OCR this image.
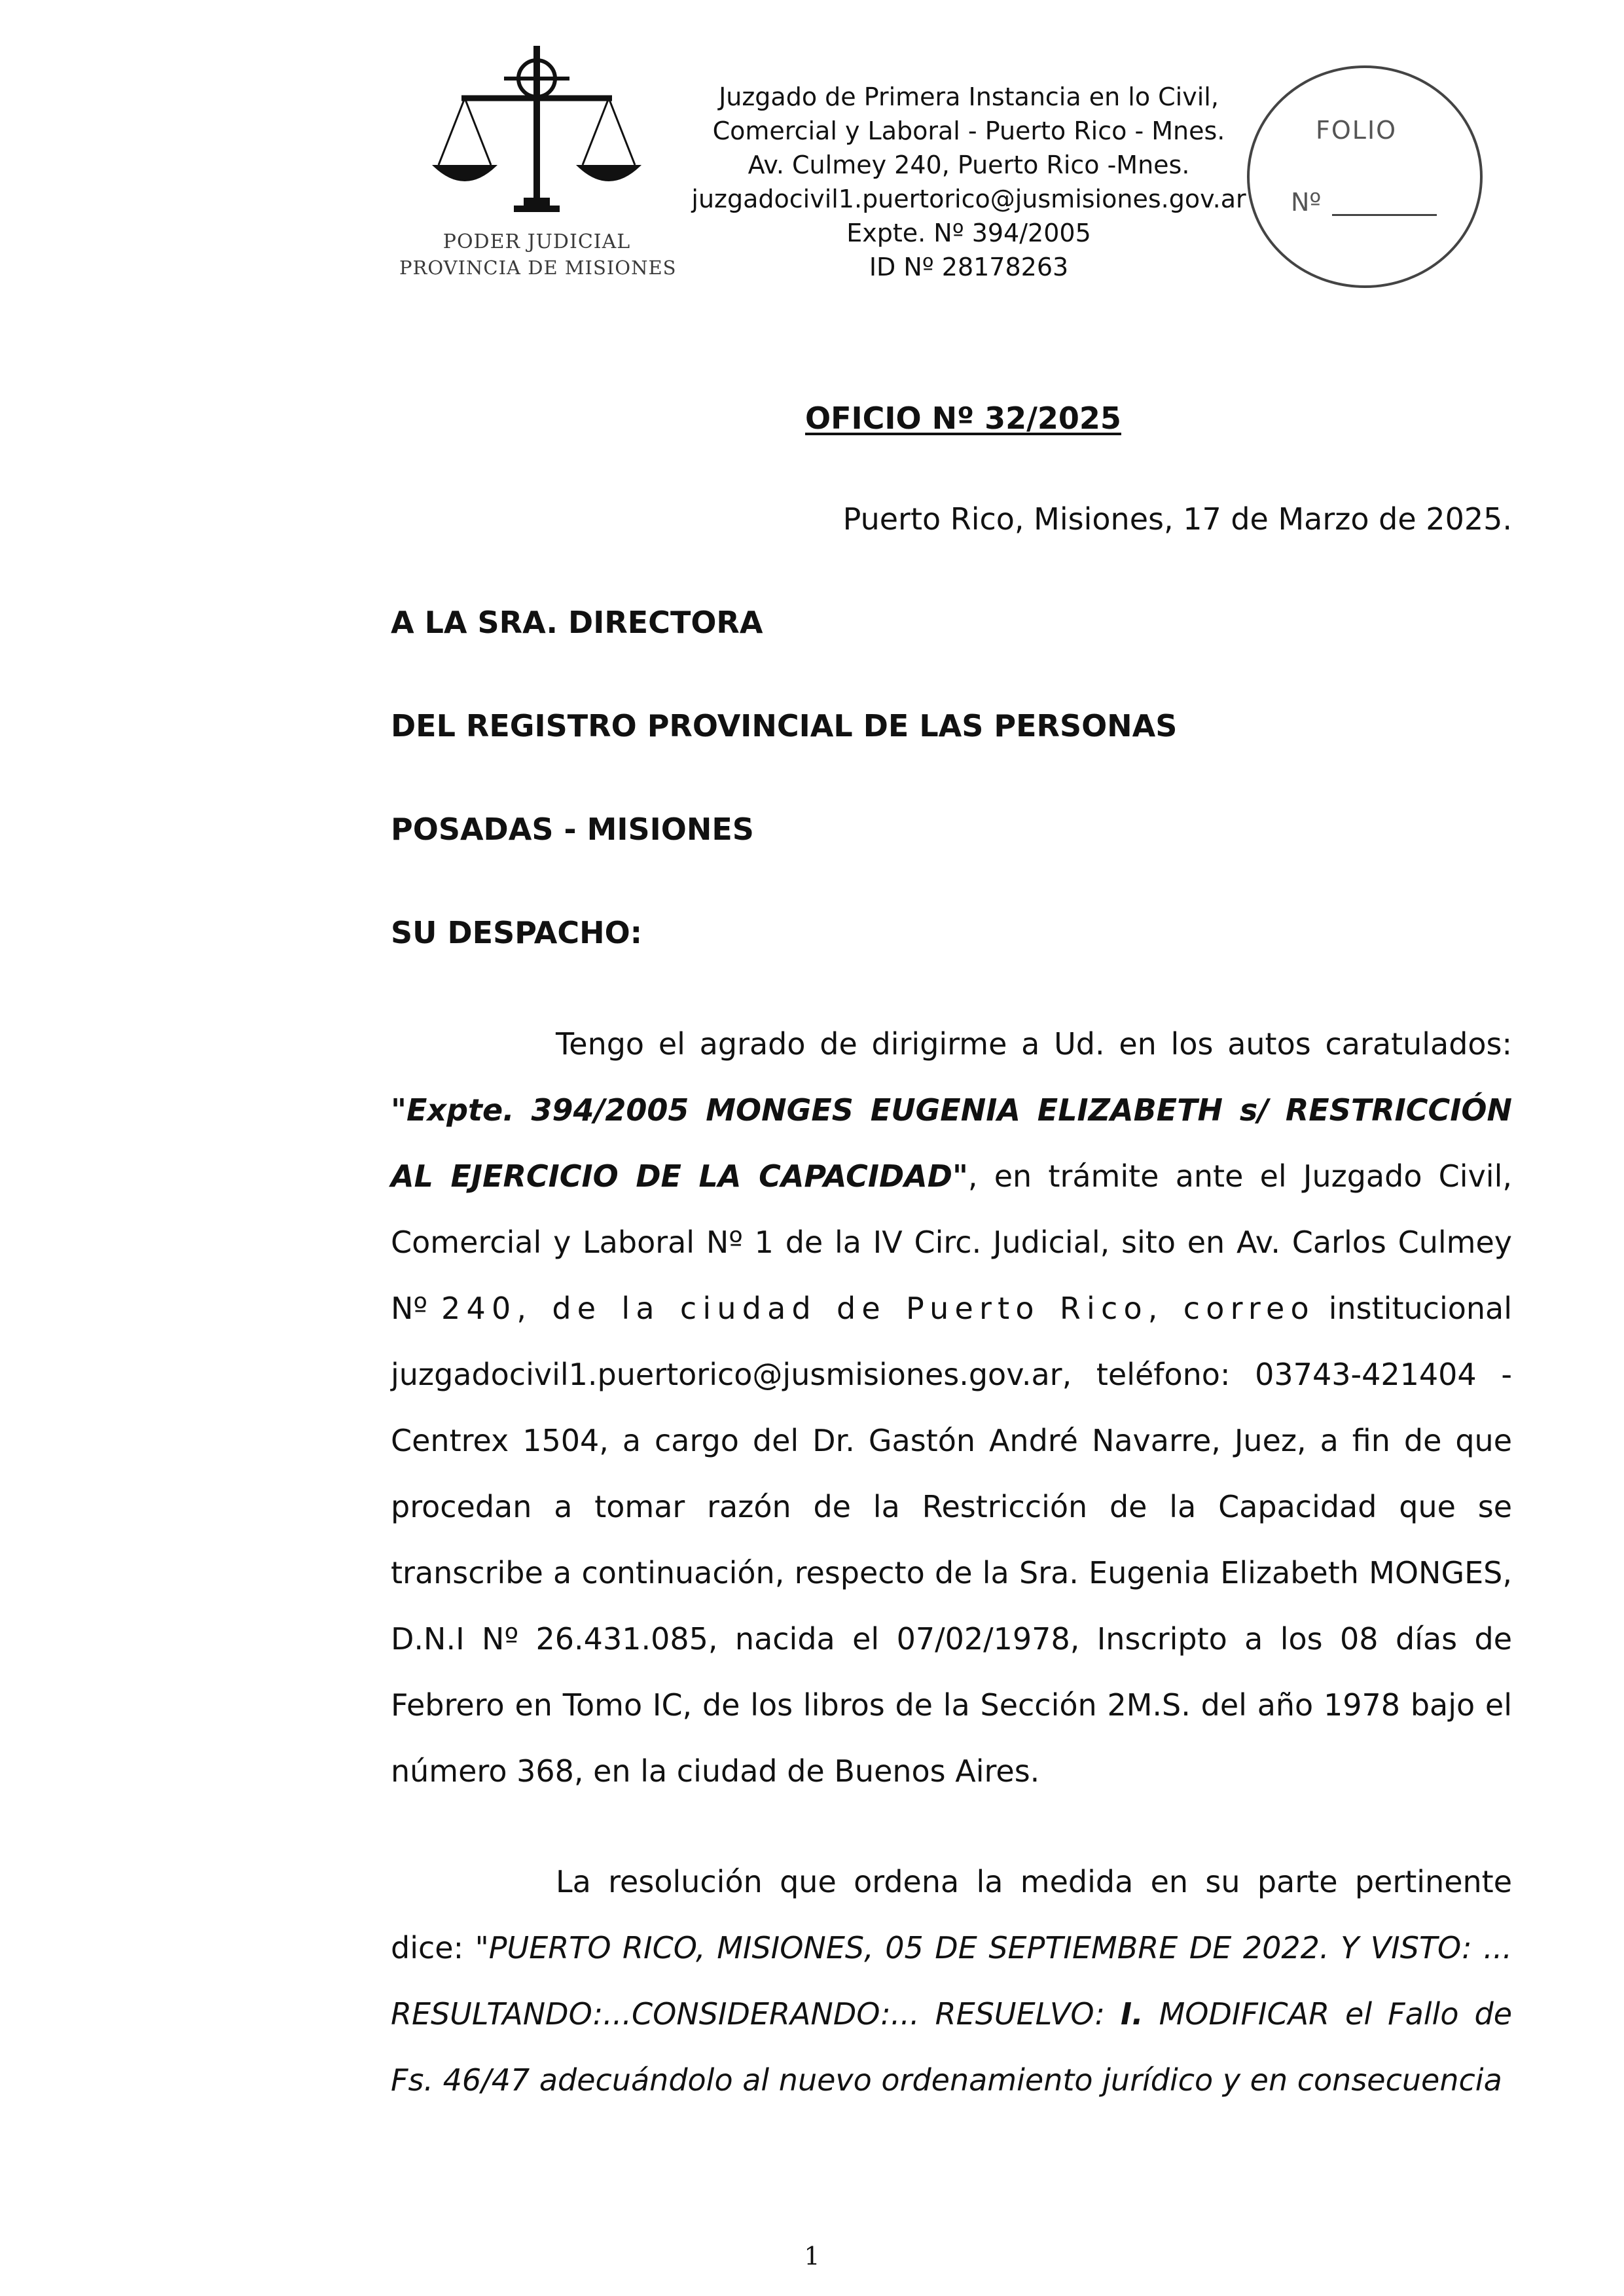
PODER JUDICIAL
PROVINCIA DE MISIONES
Juzgado de Primera Instancia en lo Civil,
Comercial y Laboral - Puerto Rico - Mnes.
Av. Culmey 240, Puerto Rico -Mnes.
juzgadocivil1.puertorico@jusmisiones.gov.ar
Expte. Nº 394/2005
ID Nº 28178263
FOLIO
Nº
OFICIO Nº 32/2025
Puerto Rico, Misiones, 17 de Marzo de 2025.
A LA SRA. DIRECTORA
DEL REGISTRO PROVINCIAL DE LAS PERSONAS
POSADAS - MISIONES
SU DESPACHO:
Tengo el agrado de dirigirme a Ud. en los autos caratulados: "Expte. 394/2005 MONGES EUGENIA ELIZABETH s/ RESTRICCIÓN AL EJERCICIO DE LA CAPACIDAD", en trámite ante el Juzgado Civil, Comercial y Laboral Nº 1 de la IV Circ. Judicial, sito en Av. Carlos Culmey Nº 240, de la ciudad de Puerto Rico, correo institucional juzgadocivil1.puertorico@jusmisiones.gov.ar, teléfono: 03743-421404 - Centrex 1504, a cargo del Dr. Gastón André Navarre, Juez, a fin de que procedan a tomar razón de la Restricción de la Capacidad que se transcribe a continuación, respecto de la Sra. Eugenia Elizabeth MONGES, D.N.I Nº 26.431.085, nacida el 07/02/1978, Inscripto a los 08 días de Febrero en Tomo IC, de los libros de la Sección 2M.S. del año 1978 bajo el número 368, en la ciudad de Buenos Aires.
La resolución que ordena la medida en su parte pertinente dice: "PUERTO RICO, MISIONES, 05 DE SEPTIEMBRE DE 2022. Y VISTO: ... RESULTANDO:...CONSIDERANDO:... RESUELVO: I. MODIFICAR el Fallo de Fs. 46/47 adecuándolo al nuevo ordenamiento jurídico y en consecuencia
1
